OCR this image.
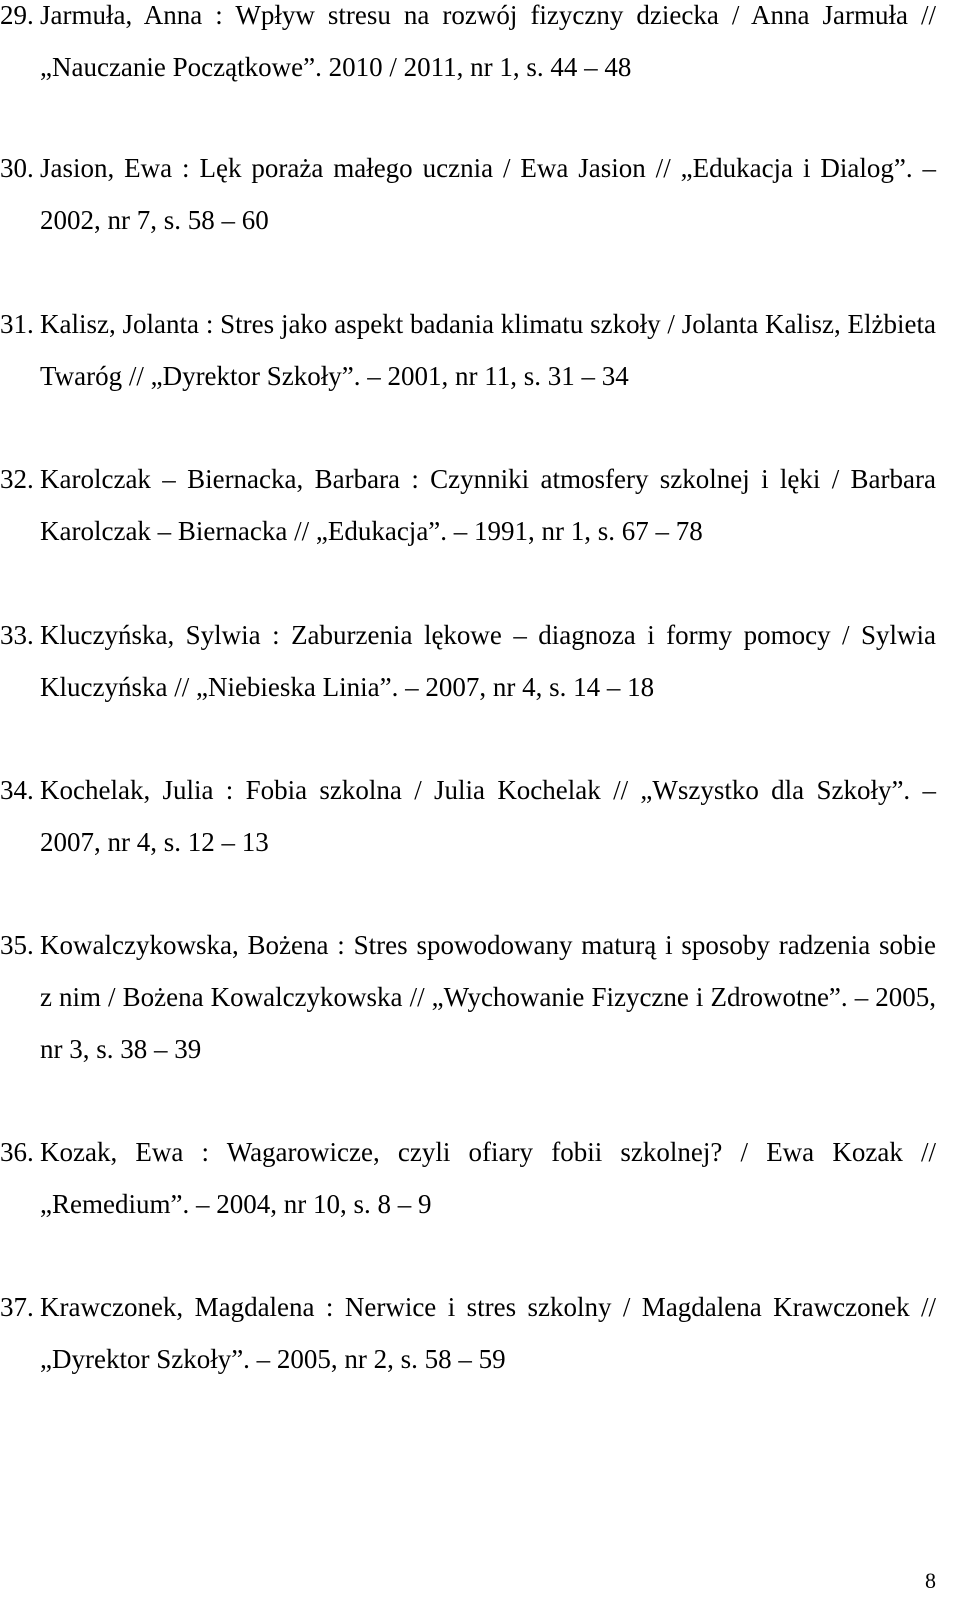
29. Jarmuła, Anna : Wpływ stresu na rozwój fizyczny dziecka / Anna Jarmuła // „Nauczanie Początkowe”. 2010 / 2011, nr 1, s. 44 – 48
30. Jasion, Ewa : Lęk poraża małego ucznia / Ewa Jasion // „Edukacja i Dialog”. – 2002, nr 7, s. 58 – 60
31. Kalisz, Jolanta : Stres jako aspekt badania klimatu szkoły / Jolanta Kalisz, Elżbieta Twaróg // „Dyrektor Szkoły”. – 2001, nr 11, s. 31 – 34
32. Karolczak – Biernacka, Barbara : Czynniki atmosfery szkolnej i lęki / Barbara Karolczak – Biernacka // „Edukacja”. – 1991, nr 1, s. 67 – 78
33. Kluczyńska, Sylwia : Zaburzenia lękowe – diagnoza i formy pomocy / Sylwia Kluczyńska // „Niebieska Linia”. – 2007, nr 4, s. 14 – 18
34. Kochelak, Julia : Fobia szkolna / Julia Kochelak // „Wszystko dla Szkoły”. – 2007, nr 4, s. 12 – 13
35. Kowalczykowska, Bożena : Stres spowodowany maturą i sposoby radzenia sobie z nim / Bożena Kowalczykowska // „Wychowanie Fizyczne i Zdrowotne”. – 2005, nr 3, s. 38 – 39
36. Kozak, Ewa : Wagarowicze, czyli ofiary fobii szkolnej? / Ewa Kozak // „Remedium”. – 2004, nr 10, s. 8 – 9
37. Krawczonek, Magdalena : Nerwice i stres szkolny / Magdalena Krawczonek // „Dyrektor Szkoły”. – 2005, nr 2, s. 58 – 59
8
